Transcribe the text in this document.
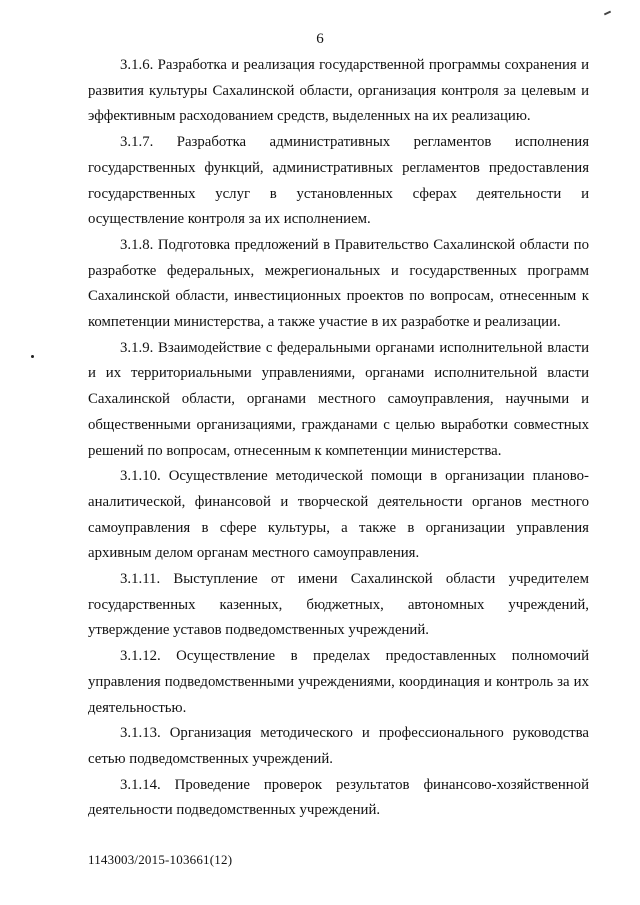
6

3.1.6. Разработка и реализация государственной программы сохранения и развития культуры Сахалинской области, организация контроля за целевым и эффективным расходованием средств, выделенных на их реализацию.

3.1.7. Разработка административных регламентов исполнения государственных функций, административных регламентов предоставления государственных услуг в установленных сферах деятельности и осуществление контроля за их исполнением.

3.1.8. Подготовка предложений в Правительство Сахалинской области по разработке федеральных, межрегиональных и государственных программ Сахалинской области, инвестиционных проектов по вопросам, отнесенным к компетенции министерства, а также участие в их разработке и реализации.

3.1.9. Взаимодействие с федеральными органами исполнительной власти и их территориальными управлениями, органами исполнительной власти Сахалинской области, органами местного самоуправления, научными и общественными организациями, гражданами с целью выработки совместных решений по вопросам, отнесенным к компетенции министерства.

3.1.10. Осуществление методической помощи в организации планово-аналитической, финансовой и творческой деятельности органов местного самоуправления в сфере культуры, а также в организации управления архивным делом органам местного самоуправления.

3.1.11. Выступление от имени Сахалинской области учредителем государственных казенных, бюджетных, автономных учреждений, утверждение уставов подведомственных учреждений.

3.1.12. Осуществление в пределах предоставленных полномочий управления подведомственными учреждениями, координация и контроль за их деятельностью.

3.1.13. Организация методического и профессионального руководства сетью подведомственных учреждений.

3.1.14. Проведение проверок результатов финансово-хозяйственной деятельности подведомственных учреждений.

1143003/2015-103661(12)
